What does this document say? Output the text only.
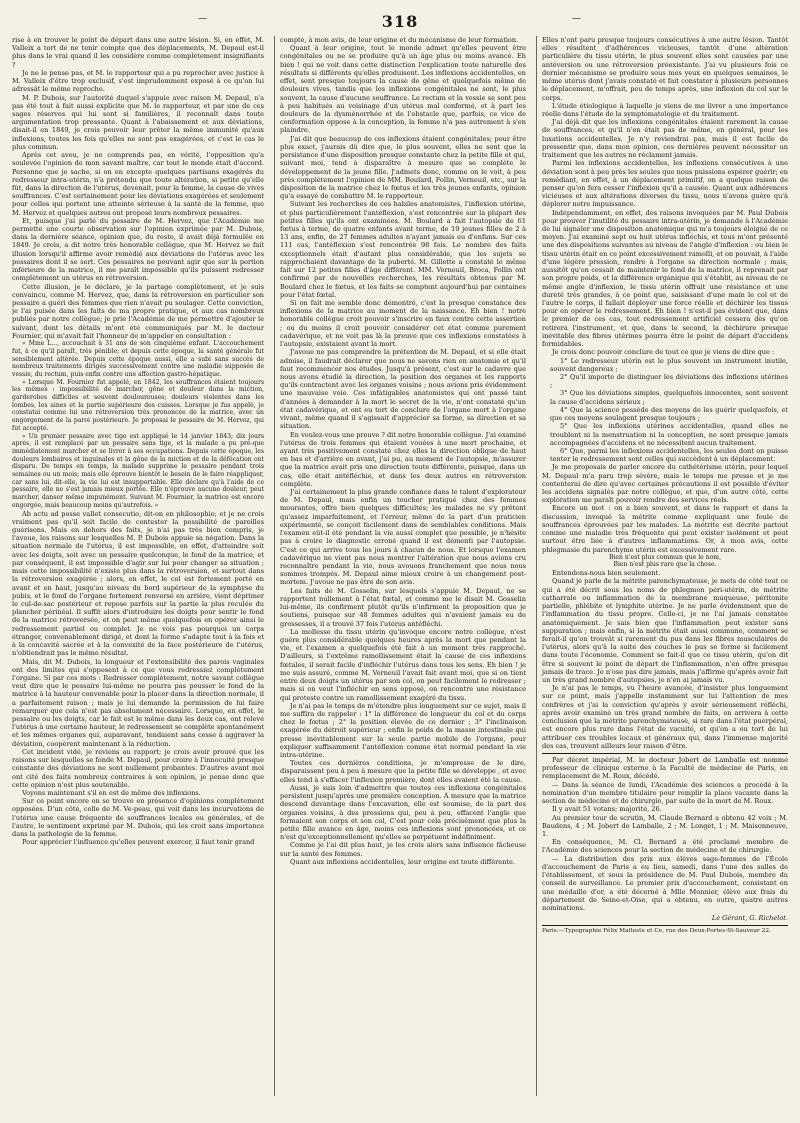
—	318	—

rise à en trouver le point de départ dans une autre lésion. Si, en effet, M. Valleix a tort de ne tenir compte que des déplacements, M. Depaul est-il plus dans le vrai quand il les considère comme complètement insignifiants ?

Je ne le pense pas, et M. le rapporteur qui a pu reprocher avec justice à M. Valleix d'être trop exclusif, s'est imprudemment exposé à ce qu'on lui adressât le même reproche.

M. P. Dubois, sur l'autorité duquel s'appuie avec raison M. Depaul, n'a pas été tout à fait aussi explicite que M. le rapporteur, et par une de ces sages réserves qui lui sont si familières, il reconnaît dans toute argumentation trop pressante. Quant à l'abaissement et aux déviations, disait-il en 1849, je crois pouvoir leur prêter la même immunité qu'aux inflexions, toutes les fois qu'elles ne sont pas exagérées, et c'est le cas le plus commun.

Après cet aveu, je ne comprends pas, en vérité, l'opposition qu'a soulevée l'opinion de mon savant maître, car tout le monde était d'accord. Personne que je sache, si on en excepte quelques partisans exagérés du redresseur intra-utérin, n'a prétendu que toute altération, si petite qu'elle fût, dans la direction de l'utérus, devenait, pour la femme, la cause de vives souffrances. C'est certainement pour les déviations exagérées et seulement pour celles qui portent une atteinte sérieuse à la santé de la femme, que M. Hervez et quelques autres ont proposé leurs nombreux pessaires.

Et, puisque j'ai parlé du pessaire de M. Hervez, que l'Académie me permette une courte observation sur l'opinion exprimée par M. Dubois, dans la dernière séance, opinion que, du reste, il avait déjà formulée en 1849. Je crois, a dit notre très honorable collègue, que M. Hervez se fait illusion lorsqu'il affirme avoir remédié aux déviations de l'utérus avec les pessaires dont il se sert. Ces pessaires ne pouvant agir que sur la portion inférieure de la matrice, il me paraît impossible qu'ils puissent redresser complètement un utérus en rétroversion.

Cette illusion, je le déclare, je la partage complètement, et je suis convaincu, comme M. Hervez, que, dans la rétroversion en particulier son pessaire a guéri des femmes que rien n'avait pu soulager. Cette conviction, je l'ai puisée dans les faits de ma propre pratique, et aux cas nombreux publiés par notre collègue; je prie l'Académie de me permettre d'ajouter le suivant, dont les détails m'ont été communiqués par M. le docteur Fournier, qui m'avait fait l'honneur de m'appeler en consultation :

« Mme L..., accouchait à 31 ans de son cinquième enfant. L'accouchement fut, à ce qu'il paraît, très pénible; et depuis cette époque, la santé générale fut sensiblement altérée. Depuis cette époque aussi, elle a subi sans succès de nombreux traitements dirigés successivement contre une maladie supposée de vessie, du rectum, puis enfin contre une affection gastro-hépatique.

» Lorsque M. Fournier fut appelé, en 1842, les souffrances étaient toujours les mêmes : impossibilité de marcher, gêne et douleur dans la miction, garderobes difficiles et souvent douloureuses; douleurs violentes dans les lombes, les aines et la partie supérieure des cuisses. Lorsque je fus appelé, je constatai comme lui une rétroversion très prononcée de la matrice, avec un engorgement de la paroi postérieure. Je proposai le pessaire de M. Hervez, qui fut accepté.

» Un premier pessaire avec tige est appliqué le 14 janvier 1843; dix jours après, il est remplacé par un pessaire sans tige, et la malade a pu pré-que immédiatement marcher et se livrer à ses occupations. Depuis cette époque, les douleurs lombaires et inguinales et la gêne de la miction et de la défécation ont disparu. De temps en temps, la malade supprime le pessaire pendant trois semaines ou un mois; mais elle éprouve bientôt le besoin de le faire réappliquer, car sans lui, dit-elle, la vie lui est insupportable. Elle déclare qu'à l'aide de ce pessaire, elle ne s'est jamais mieux portée. Elle n'éprouve aucune douleur, peut marcher, danser même impunément. Suivant M. Fournier, la matrice est encore engorgée, mais beaucoup moins qu'autrefois. »

Ab actu ad posse vallet consecutio, dit-on en philosophie; et je ne crois vraiment pas qu'il soit facile de contester la possibilité de pareilles guérisons. Mais en dehors des faits, je n'ai pas très bien compris, je l'avoue, les raisons sur lesquelles M. P. Dubois appuie sa négation. Dans la situation normale de l'utérus, il est impossible, en effet, d'atteindre soit avec les doigts, soit avec un pessaire quelconque, le fond de la matrice, et par conséquent, il est impossible d'agir sur lui pour changer sa situation ; mais cette impossibilité n'existe plus dans la rétroversion, et surtout dans la rétroversion exagérée ; alors, en effet, le col est fortement porté en avant et en haut, jusqu'au niveau du bord supérieur de la symphyse du pubis, et le fond de l'organe fortement renversé en arrière, vient déprimer le cul-de-sac postérieur et repose parfois sur la partie la plus reculée du plancher périnéal. Il suffit alors d'introduire les doigts pour sentir le fond de la matrice rétroversée, et on peut même quelquefois en opérer ainsi le redressement partiel ou complet. Je ne vois pas pourquoi un corps étranger, convenablement dirigé, et dont la forme s'adapte tout à la fois et à la concavité sacrée et à la convexité de la face postérieure de l'utérus, n'obtiendrait pas le même résultat.

Mais, dit M. Dubois, la longueur et l'extensibilité des parois vaginales ont des limites qui s'opposent à ce que vous redressiez complètement l'organe. Si par ces mots : Redresser complètement, notre savant collègue veut dire que le pessaire lui-même ne pourra pas pousser le fond de la matrice à la hauteur convenable pour la placer dans la direction normale, il a parfaitement raison ; mais je lui demande la permission de lui faire remarquer que cela n'est pas absolument nécessaire. Lorsque, en effet, le pessaire ou les doigts, car le fait est le même dans les deux cas, ont relevé l'utérus à une certaine hauteur, le redressement se complète spontanément et les mêmes organes qui, auparavant, tendaient sans cesse à aggraver la déviation, coopèrent maintenant à la réduction.

Cet incident vidé, je reviens au rapport; je crois avoir prouvé que les raisons sur lesquelles se fonde M. Depaul, pour croire à l'innocuité presque constante des déviations ne sont nullement probantes. D'autres avant moi ont cité des faits nombreux contraires à son opinion, je pense donc que cette opinion n'est plus soutenable.

Voyons maintenant s'il en est de même des inflexions.

Sur ce point encore on se trouve en présence d'opinions complètement opposées. D'un côté, celle de M. Ve-peau, qui voit dans les incurvations de l'utérus une cause fréquente de souffrances locales ou générales, et de l'autre, le sentiment exprimé par M. Dubois, qui les croit sans importance dans la pathologie de la femme.

Pour apprécier l'influence qu'elles peuvent exercer, il faut tenir grand

compte, à mon avis, de leur origine et du mécanisme de leur formation.

Quant à leur origine, tout le monde admet qu'elles peuvent être congénitales ou ne se produire qu'à un âge plus ou moins avancé. Eh bien ! qui ne voit dans cette distinction l'explication toute naturelle des résultats si différents qu'elles produisent. Les inflexions accidentelles, en effet, sont presque toujours la cause de gêne et quelquefois même de douleurs vives, tandis que les inflexions congénitales ne sont, le plus souvent, la cause d'aucune souffrance. Le rectum et la vessie se sont peu à peu habitués au voisinage d'un utérus mal conformé, et à part les douleurs de la dysménorrhée et de l'obstacle que, parfois, ce vice de conformation oppose à la conception, la femme n'a pas autrement à s'en plaindre.

J'ai dit que beaucoup de ces inflexions étaient congénitales; pour être plus exact, j'aurais dû dire que, le plus souvent, elles ne sont que la persistance d'une disposition presque constante chez la petite fille et qui, suivant moi, tend à disparaître à mesure que se complète le développement de la jeune fille. J'admets donc, comme on le voit, à peu près complètement l'opinion de MM. Boulard, Follin, Verneuil, etc., sur la disposition de la matrice chez le fœtus et les très jeunes enfants, opinion qu'a essayé de combattre M. le rapporteur.

Suivant les recherches de ces habiles anatomistes, l'inflexion utérine, et plus particulièrement l'antéflexion, s'est rencontrée sur la plupart des petites filles qu'ils ont examinées. M. Boulard a fait l'autopsie de 61 fœtus à terme, de quatre enfants avant terme, de 19 jeunes filles de 2 à 13 ans, enfin, de 27 femmes adultes n'ayant jamais eu d'enfans. Sur ces 111 cas, l'antéflexion s'est rencontrée 98 fois. Le nombre des faits exceptionnels était d'autant plus considérable, que les sujets se rapprochaient davantage de la puberté. M. Gillette a constaté le même fait sur 12 petites filles d'âge différent. MM. Verneuil, Broca, Follin ont confirmé par de nouvelles recherches, les résultats obtenus par M. Boulard chez le fœtus, et les faits se comptent aujourd'hui par centaines pour l'état fœtal.

Si on fait me semble donc démontré, c'est la presque constance des inflexions de la matrice au moment de la naissance. Eh bien ! notre honorable collègue croit pouvoir s'inscrire en faux contre cette assertion ; ou du moins il croit pouvoir considérer cet état comme purement cadavérique, et ne voit pas là la preuve que ces inflexions constatées à l'autopsie, existaient avant la mort.

J'avoue ne pas comprendre la prétention de M. Depaul, et si elle était admise, il faudrait déclarer que nous ne savons rien en anatomie et qu'il faut recommencer nos études. Jusqu'à présent, c'est sur le cadavre que nous avons étudié la direction, la position des organes et les rapports qu'ils contractent avec les organes voisins ; nous avions pris évidemment une mauvaise voie. Ces infatigables anatomistes qui ont passé tant d'années à demander à la mort le secret de la vie, n'ont constaté qu'un état cadavérique, et ont eu tort de conclure de l'organe mort à l'organe vivant, même quand il s'agissait d'apprécier sa forme, sa direction et sa situation.

En voulez-vous une preuve ? dit notre honorable collègue. J'ai examiné l'utérus de trois femmes qui étaient vouées à une mort prochaine, et ayant très positivement constaté chez elles la direction oblique de haut en bas et d'arrière en avant, j'ai pu, au moment de l'autopsie, m'assurer que la matrice avait pris une direction toute différente, puisque, dans un cas, elle était antéfléchie, et dans les deux autres en rétroversion complète.

J'ai certainement la plus grande confiance dans le talent d'explorateur de M. Depaul, mais enfin un toucher pratiqué chez des femmes mourantes, offre bien quelques difficultés; les malades ne s'y prêtent qu'assez imparfaitement, et l'erreur, même de la part d'un praticien expérimenté, se conçoit facilement dans de semblables conditions. Mais l'examen eût-il été pendant la vie aussi complet que possible, je n'hésite pas à croire le diagnostic erroné quand il est démenti par l'autopsie. C'est ce qui arrive tous les jours à chacun de nous. Et lorsque l'examen cadavérique ne vient pas nous montrer l'altération que nous avions cru reconnaître pendant la vie, nous avouons franchement que nous nous sommes trompés. M. Depaul aime mieux croire à un changement post-mortem. J'avoue ne pas être de son avis.

Les faits de M. Gosselin, sur lesquels s'appuie M. Depaul, ne se rapportent nullement à l'état fœtal, et comme me le disait M. Gosselin lui-même, ils confirment plutôt qu'ils n'infirment la proposition que je soutiens, puisque sur 48 femmes adultes qui n'avaient jamais eu de grossesses, il a trouvé 37 fois l'utérus antéfléchi.

La mollesse du tissu utérin qu'invoque encore notre collègue, n'est guère plus considérable quelques heures après la mort que pendant la vie, et l'examen a quelquefois été fait à un moment très rapproché. D'ailleurs, si l'extrême ramollissement était la cause de ces inflexions fœtales, il serait facile d'infléchir l'utérus dans tous les sens. Eh bien ! je me suis assuré, comme M. Verneuil l'avait fait avant moi, que si on tient entre deux doigts un utérus par son col, on peut facilement le redresser ; mais si on veut l'infléchir en sens opposé, on rencontre une résistance qui proteste contre un ramollissement exagéré du tissu.

Je n'ai pas le temps de m'étendre plus longuement sur ce sujet, mais il me suffira de rappeler : 1° la différence de longueur du col et du corps chez le fœtus ; 2° la position élevée de ce dernier ; 3° l'inclinaison exagérée du détroit supérieur ; enfin le poids de la masse intestinale qui presse inévitablement sur la seule partie mobile de l'organe, pour expliquer suffisamment l'antéflexion comme état normal pendant la vie intra-utérine.

Toutes ces dernières conditions, je m'empresse de le dire, disparaissent peu à peu à mesure que la petite fille se développe , et avec elles tend à s'effacer l'inflexion première, dont elles avaient été la cause.

Aussi, je suis loin d'admettre que toutes ces inflexions congénitales persistent jusqu'après une première conception. À mesure que la matrice descend davantage dans l'excavation, elle est soumise, de la part des organes voisins, à des pressions qui, peu à peu, effacent l'angle que formaient son corps et son col, C'est pour cela précisément que plus la petite fille avance en âge, moins ces inflexions sont prononcées, et ce n'est qu'exceptionnellement qu'elles se perpétuent indéfiniment.

Comme je l'ai dit plus haut, je les crois alors sans influence fâcheuse sur la santé des femmes.

Quant aux inflexions accidentelles, leur origine est toute différente.

Elles n'ont paru presque toujours consécutives à une autre lésion. Tantôt elles résultent d'adhérences vicieuses, tantôt d'une altération particulière du tissu utérin, le plus souvent elles sont causées par une antéversion ou une rétroversion préexistante. J'ai vu plusieurs fois ce dernier mécanisme se produire sous mes yeux en quelques semaines, le même utérus dont j'avais constaté et fait constater à plusieurs personnes le déplacement, m'offrait, peu de temps après, une inflexion du col sur le corps.

L'étude étiologique à laquelle je viens de me livrer a une importance réelle dans l'étude de la symptomatologie et du traitement.

J'ai déjà dit que les inflexions congénitales étaient rarement la cause de souffrances, et qu'il n'en était pas de même, en général, pour les luxations accidentelles. Je n'y reviendrai pas, mais il est facile de pressentir que, dans mon opinion, ces dernières peuvent nécessiter un traitement que les autres ne réclament jamais.

Parmi les inflexions accidentelles, les inflexions consécutives à une déviation sont à peu près les seules que nous puissions espérer guérir; en remédiant, en effet, à un déplacement primitif, on a quelque raison de penser qu'on fera cesser l'inflexion qu'il a causée. Quant aux adhérences vicieuses et aux altérations diverses du tissu, nous n'avons guère qu'à déplorer notre impuissance.

Indépendamment, en effet, des raisons invoquées par M. Paul Dubois pour prouver l'inutilité du pessaire intra-utérin, je demande à l'Académie de lui signaler une disposition anatomique qui m'a toujours éloigné de ce moyen. J'ai examiné sept ou huit utérus infléchis, et tous m'ont présenté une des dispositions suivantes au niveau de l'angle d'inflexion : ou bien le tissu utérin était en ce point excessivement ramolli, et on pouvait, à l'aide d'une légère pression, rendre à l'organe sa direction normale ; mais, aussitôt qu'on cessait de maintenir le fond de la matrice, il reprenait par son propre poids, et la différence organique qui s'établit, au niveau de ce même angle d'inflexion, le tissu utérin offrait une résistance et une dureté très grandes, à ce point que, saisissant d'une main le col et de l'autre le corps, il fallait déployer une force réelle et déchirer les tissus pour en opérer le redressement. Eh bien ! n'est-il pas évident que, dans le premier de ces cas, tout redressement artificiel cessera dès qu'on retirera l'instrument, et que, dans le second, la déchirure presque inévitable des fibres utérines pourra être le point de départ d'accidens formidables.

Je crois donc pouvoir conclure de tout ce que je viens de dire que :

1° Le redresseur utérin est le plus souvent un instrument inutile, souvent dangereux ;

2° Qu'il importe de distinguer les déviations des inflexions utérines ;

3° Que les déviations simples, quelquefois innocentes, sont souvent la cause d'accidens sérieux ;

4° Que la science possède des moyens de les guérir quelquefois, et que ces moyens soulagent presque toujours ;

5° Que les inflexions utérines accidentelles, quand elles ne troublent ni la menstruation ni la conception, ne sont presque jamais accompagnées d'accidens et ne nécessitent aucun traitement.

6° Que, parmi les inflexions accidentelles, les seules dont on puisse tenter le redressement sont celles qui succèdent à un déplacement.

Je me proposais de parler encore du cathétérisme utérin, pour lequel M. Depaul m'a paru trop sévère, mais le temps me presse et je me contenterai de dire qu'avec certaines précautions il est possible d'éviter les accidens signalés par notre collègue, et que, d'un autre côté, cette exploration me paraît pouvoir rendre des services réels.

Encore un mot : on a bien souvent, et dans le rapport et dans la discussion, invoqué la métrite comme expliquant une foule de souffrances éprouvées par les malades. La métrite est décrite partout comme une maladie très fréquente qui peut exister isolément et peut surtout être liée à d'autres inflammations. Or, à mon avis, cette phlegmasie du parenchyme utérin est excessivement rare.

Bien n'est plus commun que le nom,

Bien n'est plus rare que la chose.

Entendons-nous bien seulement.

Quand je parle de la métrite parenchymateuse, je mets de côté tout ce qui a été décrit sous les noms de phlegmon péri-utérin, de métrite catharrale ou inflammation de la membrane muqueuse, péritonite partielle, phlébite et lymphite utérine. Je ne parle évidemment que de l'inflammation du tissu propre. Celle-ci, je ne l'ai jamais constatée anatomiquement. Je sais bien que l'inflammation peut exister sans suppuration ; mais enfin, si la métrite était aussi commune, comment se ferait-il qu'on trouvât si rarement du pus dans les fibres musculaires de l'utérus, alors qu'à la suite des couches le pus se forme si facilement dans toute l'économie. Comment se fait-il que ce tissu utérin, qu'on dit être si souvent le point de départ de l'inflammation, n'en offre presque jamais de trace. Je n'ose pas dire jamais, mais j'affirme qu'après avoir fait un très grand nombre d'autopsies, je n'en ai jamais vu.

Je n'ai pas le temps, vu l'heure avancée, d'insister plus longuement sur ce point, mais j'appelle instamment sur lui l'attention de mes confrères et j'ai la conviction qu'après y avoir sérieusement réfléchi, après avoir examiné un très grand nombre de faits, on arrivera à cette conclusion que la métrite parenchymateuse, si rare dans l'état puerpéral, est encore plus rare dans l'état de vacuité, et qu'on a eu tort de lui attribuer ces troubles locaux et généraux qui, dans l'immense majorité des cas, trouvent ailleurs leur raison d'être.

Par décret impérial, M. le docteur Jobert de Lamballe est nommé professeur de clinique externe à la Faculté de médecine de Paris, en remplacement de M. Roux, décédé.

— Dans la séance de lundi, l'Académie des sciences a procédé à la nomination d'un membre titulaire pour remplir la place vacante dans la section de médecine et de chirurgie, par suite de la mort de M. Roux.

Il y avait 51 votans; majorité, 26.

Au premier tour de scrutin, M. Claude Bernard a obtenu 42 voix ; M. Baudens, 4 ; M. Jobert de Lamballe, 2 ; M. Longet, 1 ; M. Maisonneuve, 1.

En conséquence, M. Cl. Bernard a été proclamé membre de l'Académie des sciences pour la section de médecine et de chirurgie.

— La distribution des prix aux élèves sage-femmes de l'École d'accouchement de Paris a eu lieu, samedi, dans l'une des salles de l'établissement, et sous la présidence de M. Paul Dubois, membre du conseil de surveillance. Le premier prix d'accouchement, consistant en une médaille d'or, a été décerné à Mlle Monnier, élève aux frais du département de Seine-et-Oise, qui a obtenu, en outre, quatre autres nominations.

Le Gérant, G. Richelot.

Paris.—Typographie Félix Malteste et Ce, rue des Deux-Portes-St-Sauveur 22.
